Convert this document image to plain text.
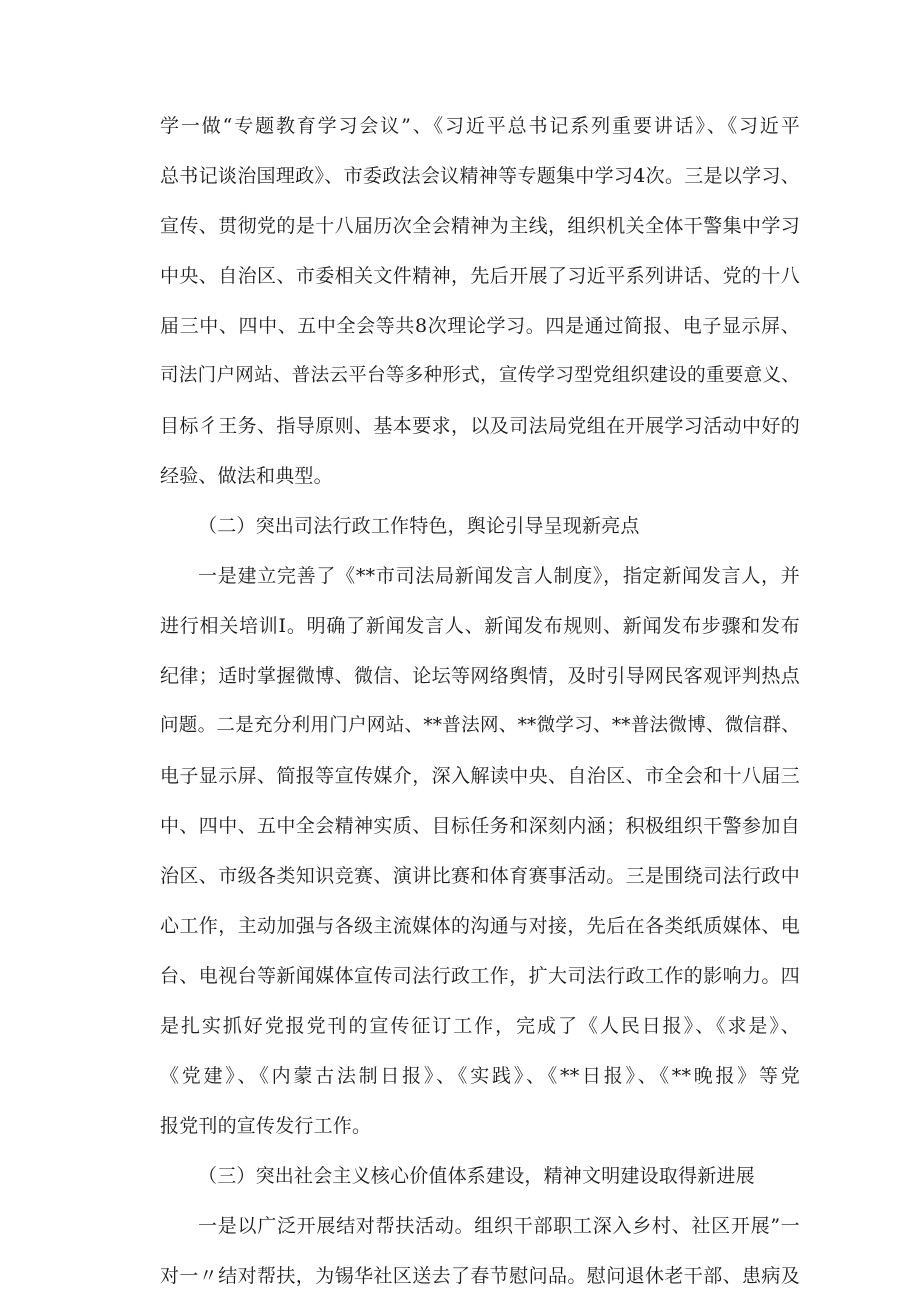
学一做“专题教育学习会议”、《习近平总书记系列重要讲话》、《习近平
总书记谈治国理政》、市委政法会议精神等专题集中学习4次。三是以学习、
宣传、贯彻党的是十八届历次全会精神为主线，组织机关全体干警集中学习
中央、自治区、市委相关文件精神，先后开展了习近平系列讲话、党的十八
届三中、四中、五中全会等共8次理论学习。四是通过简报、电子显示屏、
司法门户网站、普法云平台等多种形式，宣传学习型党组织建设的重要意义、
目标彳王务、指导原则、基本要求，以及司法局党组在开展学习活动中好的
经验、做法和典型。
（二）突出司法行政工作特色，舆论引导呈现新亮点
一是建立完善了《**市司法局新闻发言人制度》，指定新闻发言人，并
进行相关培训I。明确了新闻发言人、新闻发布规则、新闻发布步骤和发布
纪律；适时掌握微博、微信、论坛等网络舆情，及时引导网民客观评判热点
问题。二是充分利用门户网站、**普法网、**微学习、**普法微博、微信群、
电子显示屏、简报等宣传媒介，深入解读中央、自治区、市全会和十八届三
中、四中、五中全会精神实质、目标任务和深刻内涵；积极组织干警参加自
治区、市级各类知识竞赛、演讲比赛和体育赛事活动。三是围绕司法行政中
心工作，主动加强与各级主流媒体的沟通与对接，先后在各类纸质媒体、电
台、电视台等新闻媒体宣传司法行政工作，扩大司法行政工作的影响力。四
是扎实抓好党报党刊的宣传征订工作，完成了《人民日报》、《求是》、
《党建》、《内蒙古法制日报》、《实践》、《**日报》、《**晚报》等党
报党刊的宣传发行工作。
（三）突出社会主义核心价值体系建设，精神文明建设取得新进展
一是以广泛开展结对帮扶活动。组织干部职工深入乡村、社区开展”一
对一〃结对帮扶，为锡华社区送去了春节慰问品。慰问退休老干部、患病及
